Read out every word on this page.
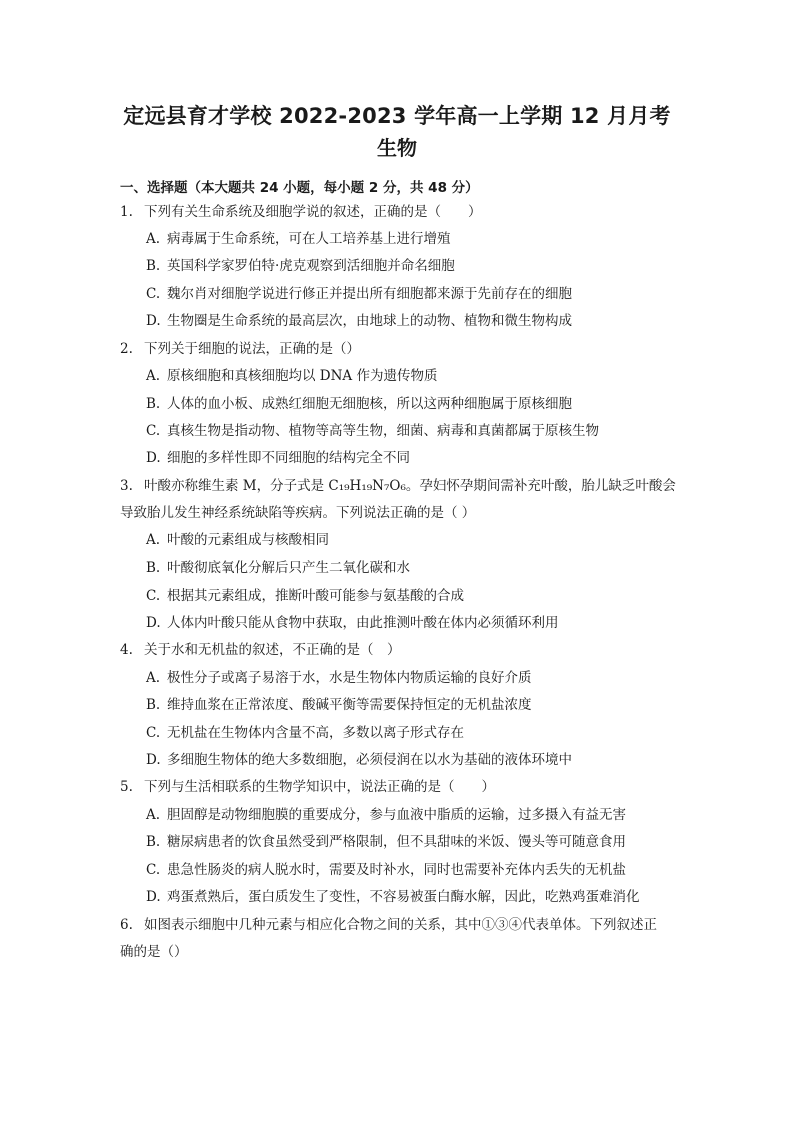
定远县育才学校 2022-2023 学年高一上学期 12 月月考
生物
一、选择题（本大题共 24 小题，每小题 2 分，共 48 分）
1. 下列有关生命系统及细胞学说的叙述，正确的是（　　）
A. 病毒属于生命系统，可在人工培养基上进行增殖
B. 英国科学家罗伯特·虎克观察到活细胞并命名细胞
C. 魏尔肖对细胞学说进行修正并提出所有细胞都来源于先前存在的细胞
D. 生物圈是生命系统的最高层次，由地球上的动物、植物和微生物构成
2. 下列关于细胞的说法，正确的是（）
A. 原核细胞和真核细胞均以 DNA 作为遗传物质
B. 人体的血小板、成熟红细胞无细胞核，所以这两种细胞属于原核细胞
C. 真核生物是指动物、植物等高等生物，细菌、病毒和真菌都属于原核生物
D. 细胞的多样性即不同细胞的结构完全不同
3. 叶酸亦称维生素 M，分子式是 C₁₉H₁₉N₇O₆。孕妇怀孕期间需补充叶酸，胎儿缺乏叶酸会
导致胎儿发生神经系统缺陷等疾病。下列说法正确的是（ ）
A. 叶酸的元素组成与核酸相同
B. 叶酸彻底氧化分解后只产生二氧化碳和水
C. 根据其元素组成，推断叶酸可能参与氨基酸的合成
D. 人体内叶酸只能从食物中获取，由此推测叶酸在体内必须循环利用
4. 关于水和无机盐的叙述，不正确的是（　）
A. 极性分子或离子易溶于水，水是生物体内物质运输的良好介质
B. 维持血浆在正常浓度、酸碱平衡等需要保持恒定的无机盐浓度
C. 无机盐在生物体内含量不高，多数以离子形式存在
D. 多细胞生物体的绝大多数细胞，必须侵润在以水为基础的液体环境中
5. 下列与生活相联系的生物学知识中，说法正确的是（　　）
A. 胆固醇是动物细胞膜的重要成分，参与血液中脂质的运输，过多摄入有益无害
B. 糖尿病患者的饮食虽然受到严格限制，但不具甜味的米饭、馒头等可随意食用
C. 患急性肠炎的病人脱水时，需要及时补水，同时也需要补充体内丢失的无机盐
D. 鸡蛋煮熟后，蛋白质发生了变性，不容易被蛋白酶水解，因此，吃熟鸡蛋难消化
6. 如图表示细胞中几种元素与相应化合物之间的关系，其中①③④代表单体。下列叙述正
确的是（）
